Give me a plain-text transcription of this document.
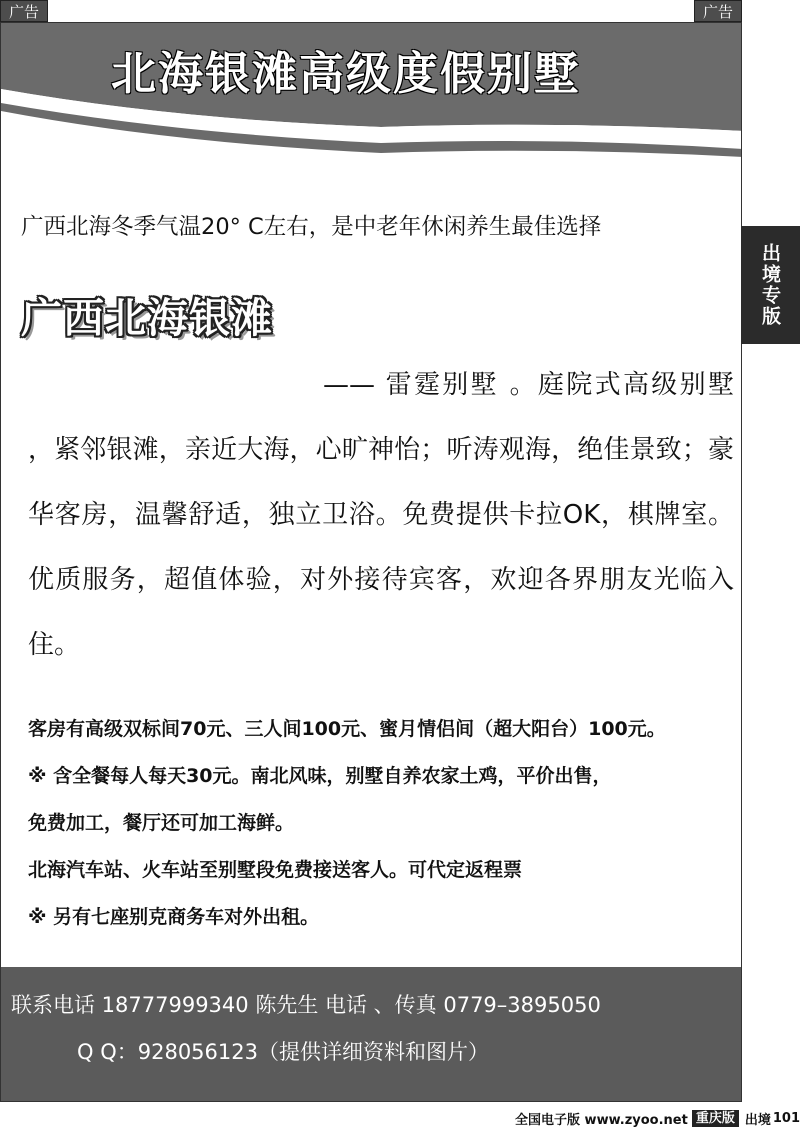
广告	广告
北海银滩高级度假别墅
广西北海冬季气温20° C左右，是中老年休闲养生最佳选择
广西北海银滩
—— 雷霆别墅 。庭院式高级别墅 ，紧邻银滩，亲近大海，心旷神怡；听涛观海，绝佳景致；豪华客房，温馨舒适，独立卫浴。免费提供卡拉OK，棋牌室。优质服务，超值体验，对外接待宾客，欢迎各界朋友光临入住。
客房有高级双标间70元、三人间100元、蜜月情侣间（超大阳台）100元。
※ 含全餐每人每天30元。南北风味，别墅自养农家土鸡，平价出售，
免费加工，餐厅还可加工海鲜。
北海汽车站、火车站至别墅段免费接送客人。可代定返程票
※ 另有七座别克商务车对外出租。
联系电话 18777999340 陈先生 电话 、传真 0779–3895050
Q Q：928056123（提供详细资料和图片）
出境专版
全国电子版 www.zyoo.net 重庆版 出境 101
